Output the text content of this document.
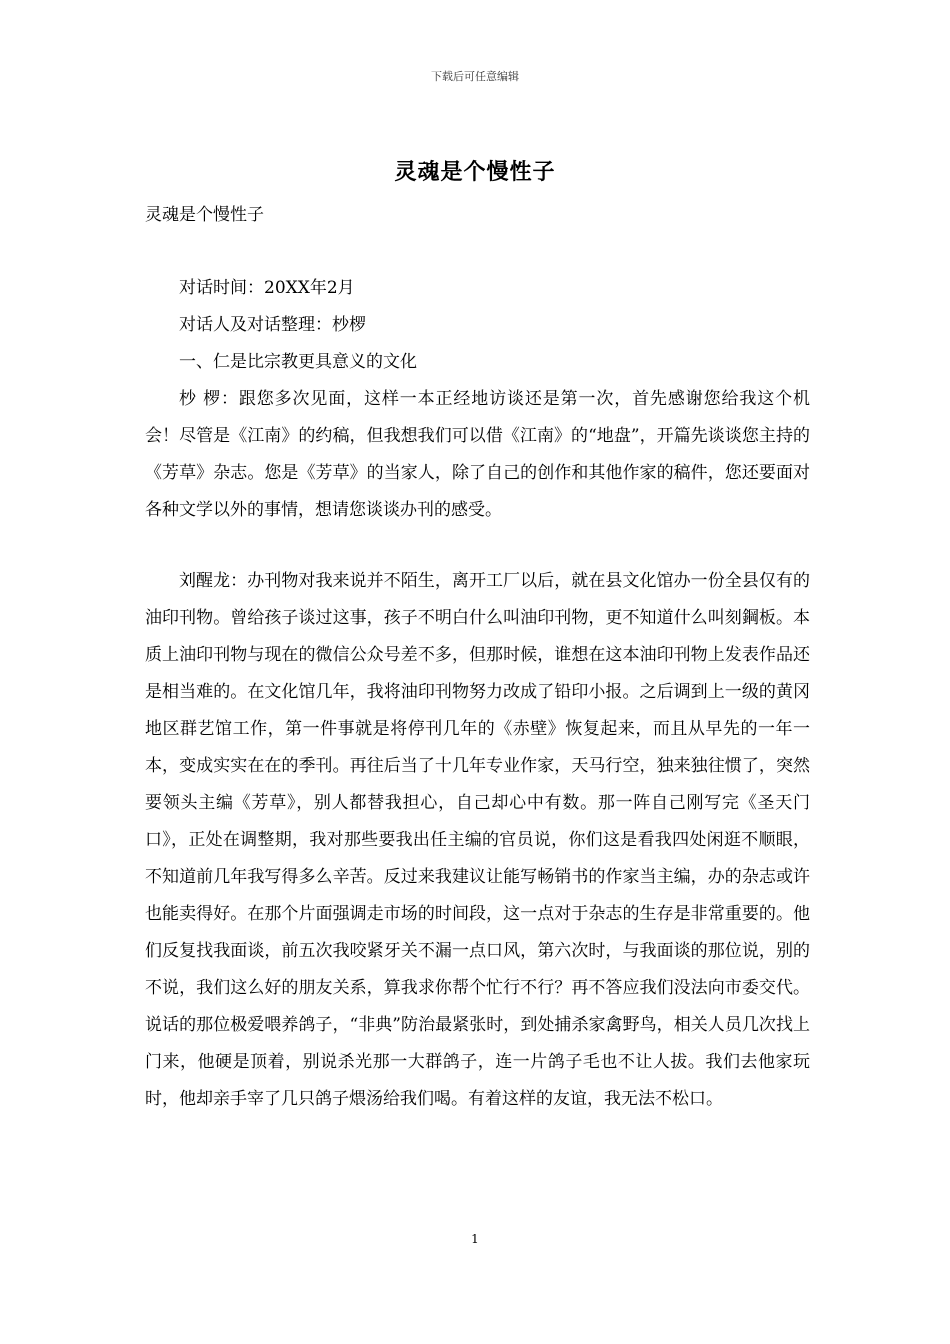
下载后可任意编辑
灵魂是个慢性子
灵魂是个慢性子

对话时间：20XX年2月

对话人及对话整理：杪椤

一、仁是比宗教更具意义的文化

杪 椤：跟您多次见面，这样一本正经地访谈还是第一次，首先感谢您给我这个机会！尽管是《江南》的约稿，但我想我们可以借《江南》的“地盘”，开篇先谈谈您主持的《芳草》杂志。您是《芳草》的当家人，除了自己的创作和其他作家的稿件，您还要面对各种文学以外的事情，想请您谈谈办刊的感受。

刘醒龙：办刊物对我来说并不陌生，离开工厂以后，就在县文化馆办一份全县仅有的油印刊物。曾给孩子谈过这事，孩子不明白什么叫油印刊物，更不知道什么叫刻鋼板。本质上油印刊物与现在的微信公众号差不多，但那时候，谁想在这本油印刊物上发表作品还是相当难的。在文化馆几年，我将油印刊物努力改成了铅印小报。之后调到上一级的黄冈地区群艺馆工作，第一件事就是将停刊几年的《赤壁》恢复起来，而且从早先的一年一本，变成实实在在的季刊。再往后当了十几年专业作家，天马行空，独来独往惯了，突然要领头主编《芳草》，别人都替我担心，自己却心中有数。那一阵自己刚写完《圣天门口》，正处在调整期，我对那些要我出任主编的官员说，你们这是看我四处闲逛不顺眼，不知道前几年我写得多么辛苦。反过来我建议让能写畅销书的作家当主编，办的杂志或许也能卖得好。在那个片面强调走市场的时间段，这一点对于杂志的生存是非常重要的。他们反复找我面谈，前五次我咬紧牙关不漏一点口风，第六次时，与我面谈的那位说，别的不说，我们这么好的朋友关系，算我求你帮个忙行不行？再不答应我们没法向市委交代。说话的那位极爱喂养鸽子，“非典”防治最紧张时，到处捕杀家禽野鸟，相关人员几次找上门来，他硬是顶着，别说杀光那一大群鸽子，连一片鸽子毛也不让人拔。我们去他家玩时，他却亲手宰了几只鸽子煨汤给我们喝。有着这样的友谊，我无法不松口。

1
